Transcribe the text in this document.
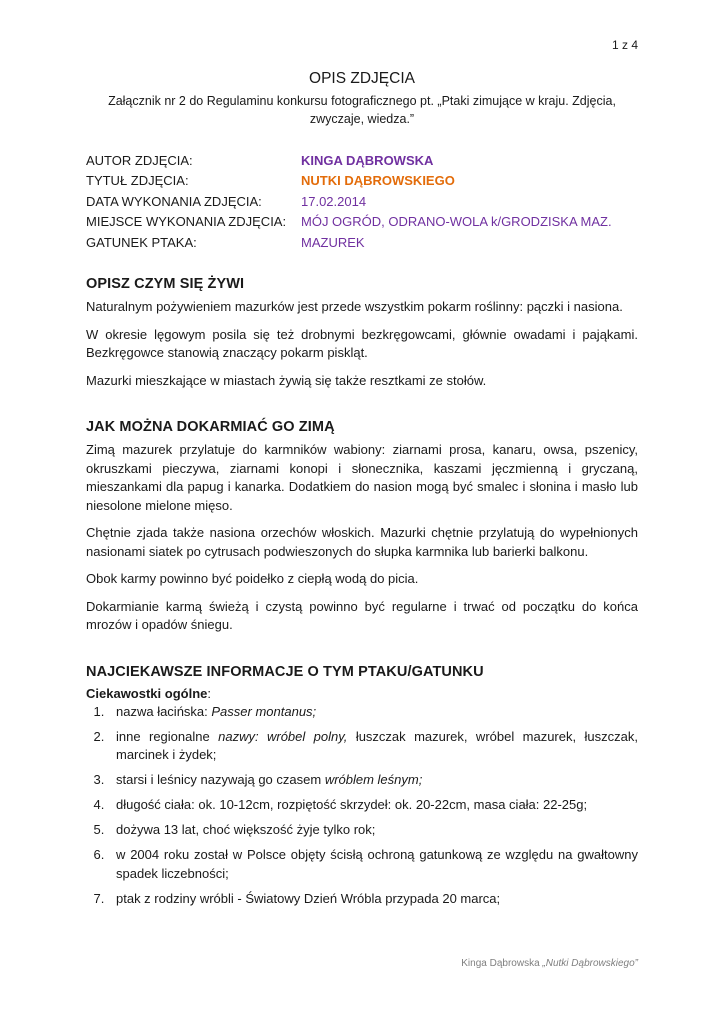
1 z 4
OPIS ZDJĘCIA

Załącznik nr 2 do Regulaminu konkursu fotograficznego pt. „Ptaki zimujące w kraju. Zdjęcia, zwyczaje, wiedza.”

AUTOR ZDJĘCIA:	KINGA DĄBROWSKA
TYTUŁ ZDJĘCIA:	NUTKI DĄBROWSKIEGO
DATA WYKONANIA ZDJĘCIA:	17.02.2014
MIEJSCE WYKONANIA ZDJĘCIA:	MÓJ OGRÓD, ODRANO-WOLA k/GRODZISKA MAZ.
GATUNEK PTAKA:	MAZUREK
OPISZ CZYM SIĘ ŻYWI

Naturalnym pożywieniem mazurków jest przede wszystkim pokarm roślinny: pączki i nasiona.

W okresie lęgowym posila się też drobnymi bezkręgowcami, głównie owadami i pająkami. Bezkręgowce stanowią znaczący pokarm piskląt.

Mazurki mieszkające w miastach żywią się także resztkami ze stołów.

JAK MOŻNA DOKARMIAĆ GO ZIMĄ

Zimą mazurek przylatuje do karmników wabiony: ziarnami prosa, kanaru, owsa, pszenicy, okruszkami pieczywa, ziarnami konopi i słonecznika, kaszami jęczmienną i gryczaną, mieszankami dla papug i kanarka. Dodatkiem do nasion mogą być smalec i słonina i masło lub niesolone mielone mięso.

Chętnie zjada także nasiona orzechów włoskich. Mazurki chętnie przylatują do wypełnionych nasionami siatek po cytrusach podwieszonych do słupka karmnika lub barierki balkonu.

Obok karmy powinno być poidełko z ciepłą wodą do picia.

Dokarmianie karmą świeżą i czystą powinno być regularne i trwać od początku do końca mrozów i opadów śniegu.

NAJCIEKAWSZE INFORMACJE O TYM PTAKU/GATUNKU

Ciekawostki ogólne:

1. nazwa łacińska: Passer montanus;
2. inne regionalne nazwy: wróbel polny, łuszczak mazurek, wróbel mazurek, łuszczak, marcinek i żydek;
3. starsi i leśnicy nazywają go czasem wróblem leśnym;
4. długość ciała: ok. 10-12cm, rozpiętość skrzydeł: ok. 20-22cm, masa ciała: 22-25g;
5. dożywa 13 lat, choć większość żyje tylko rok;
6. w 2004 roku został w Polsce objęty ścisłą ochroną gatunkową ze względu na gwałtowny spadek liczebności;
7. ptak z rodziny wróbli - Światowy Dzień Wróbla przypada 20 marca;
Kinga Dąbrowska „Nutki Dąbrowskiego”
